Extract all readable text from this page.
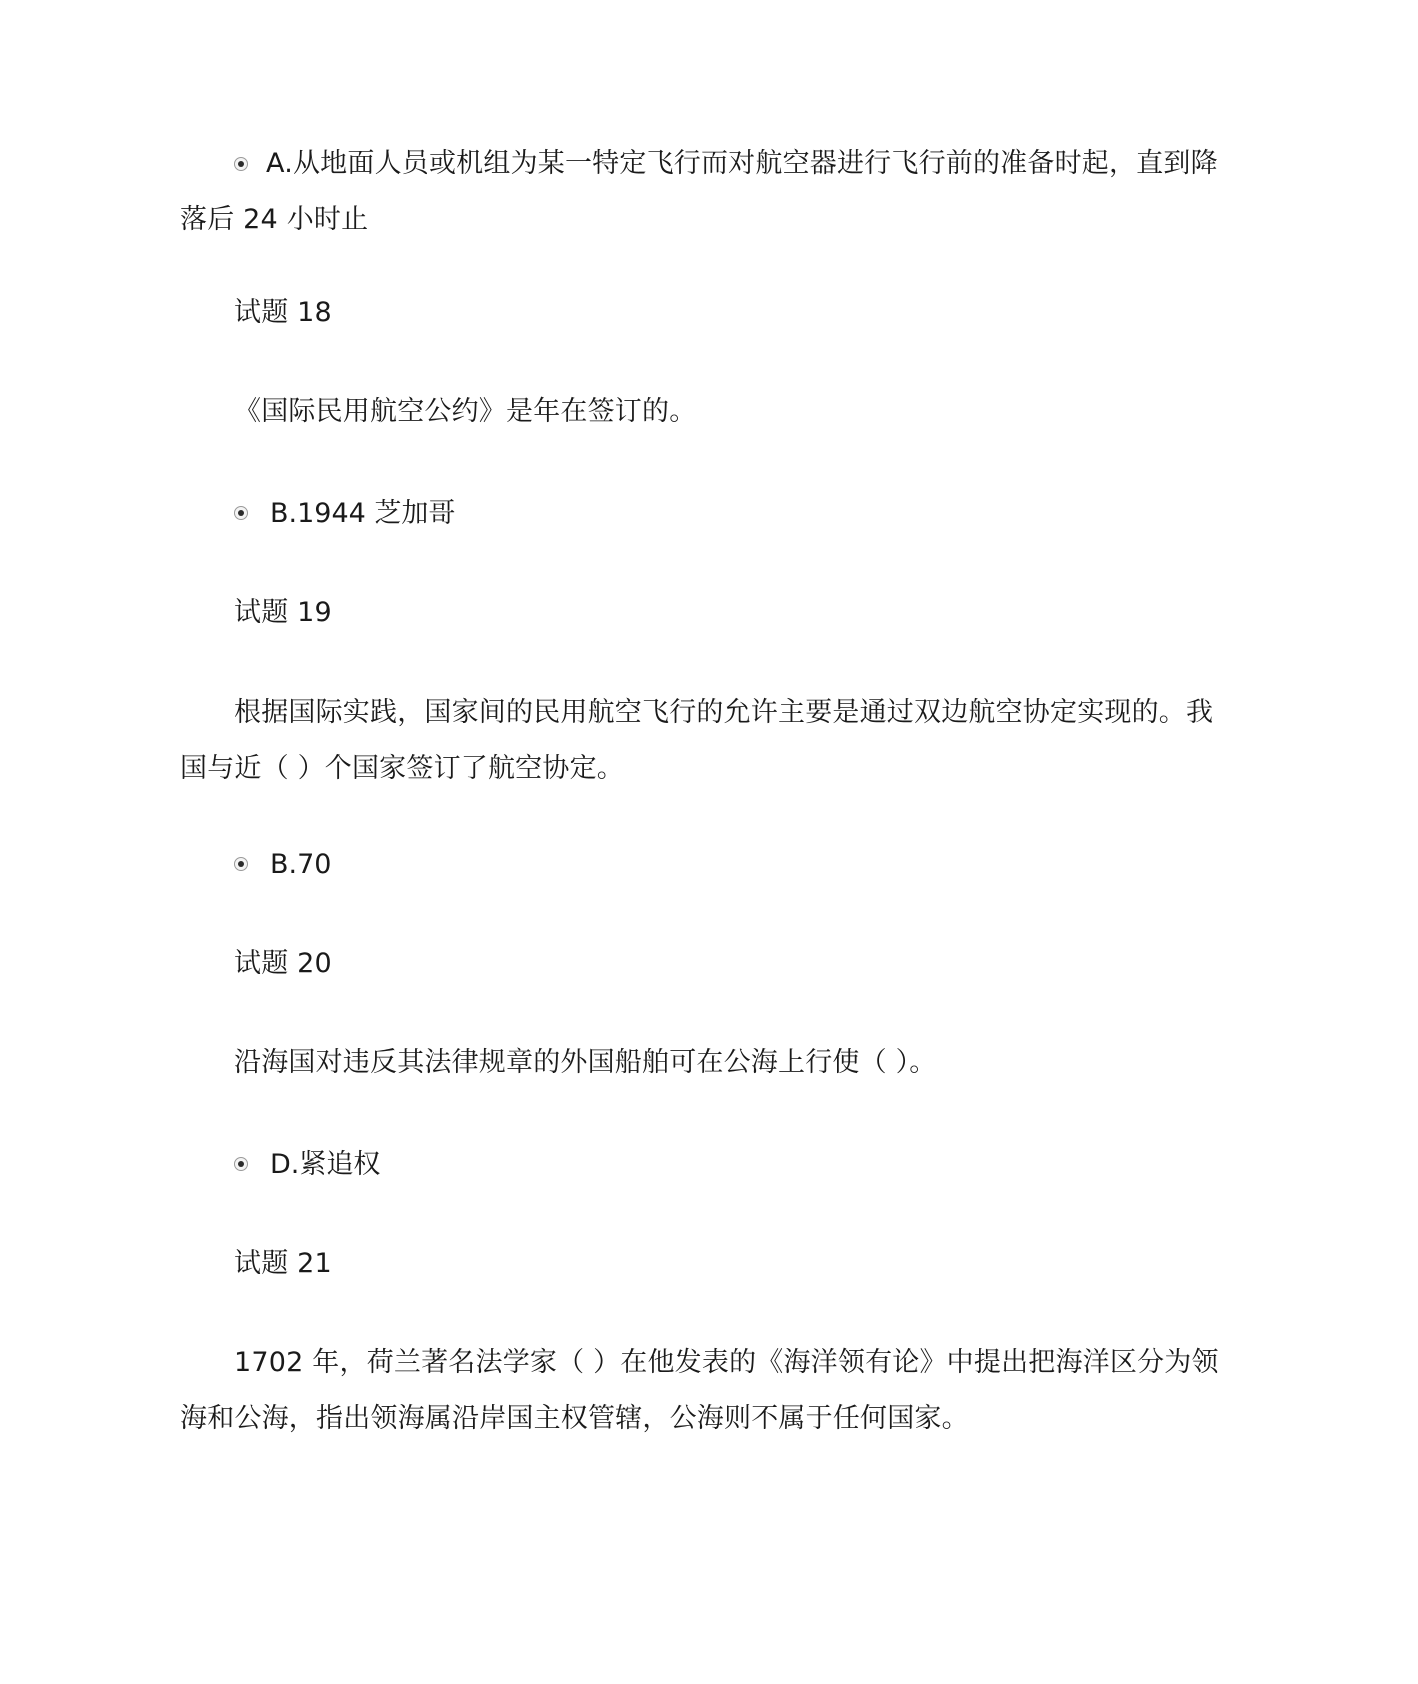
A.从地面人员或机组为某一特定飞行而对航空器进行飞行前的准备时起，直到降落后 24 小时止
试题 18
《国际民用航空公约》是年在签订的。
B.1944 芝加哥
试题 19
根据国际实践，国家间的民用航空飞行的允许主要是通过双边航空协定实现的。我国与近（ ）个国家签订了航空协定。
B.70
试题 20
沿海国对违反其法律规章的外国船舶可在公海上行使（ ）。
D.紧追权
试题 21
1702 年，荷兰著名法学家（ ）在他发表的《海洋领有论》中提出把海洋区分为领海和公海，指出领海属沿岸国主权管辖，公海则不属于任何国家。
